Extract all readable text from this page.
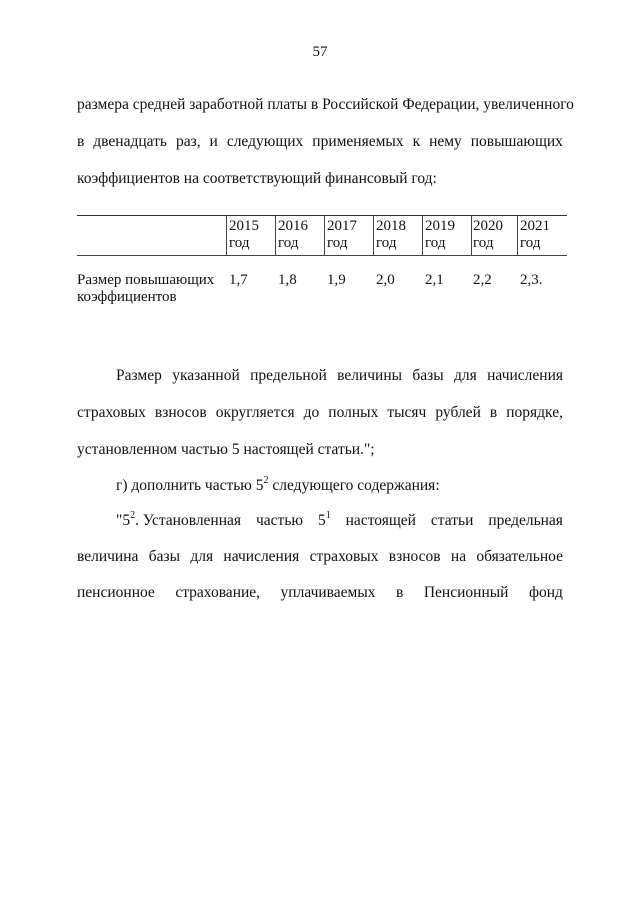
57
размера средней заработной платы в Российской Федерации, увеличенного
в двенадцать раз, и следующих применяемых к нему повышающих
коэффициентов на соответствующий финансовый год:
2015
год
2016
год
2017
год
2018
год
2019
год
2020
год
2021
год
Размер повышающих
коэффициентов
1,7 1,8 1,9 2,0 2,1 2,2 2,3.
Размер указанной предельной величины базы для начисления
страховых взносов округляется до полных тысяч рублей в порядке,
установленном частью 5 настоящей статьи.";
г) дополнить частью $5^2$ следующего содержания:
"$5^2$. Установленная частью $5^1$ настоящей статьи предельная
величина базы для начисления страховых взносов на обязательное
пенсионное страхование, уплачиваемых в Пенсионный фонд
